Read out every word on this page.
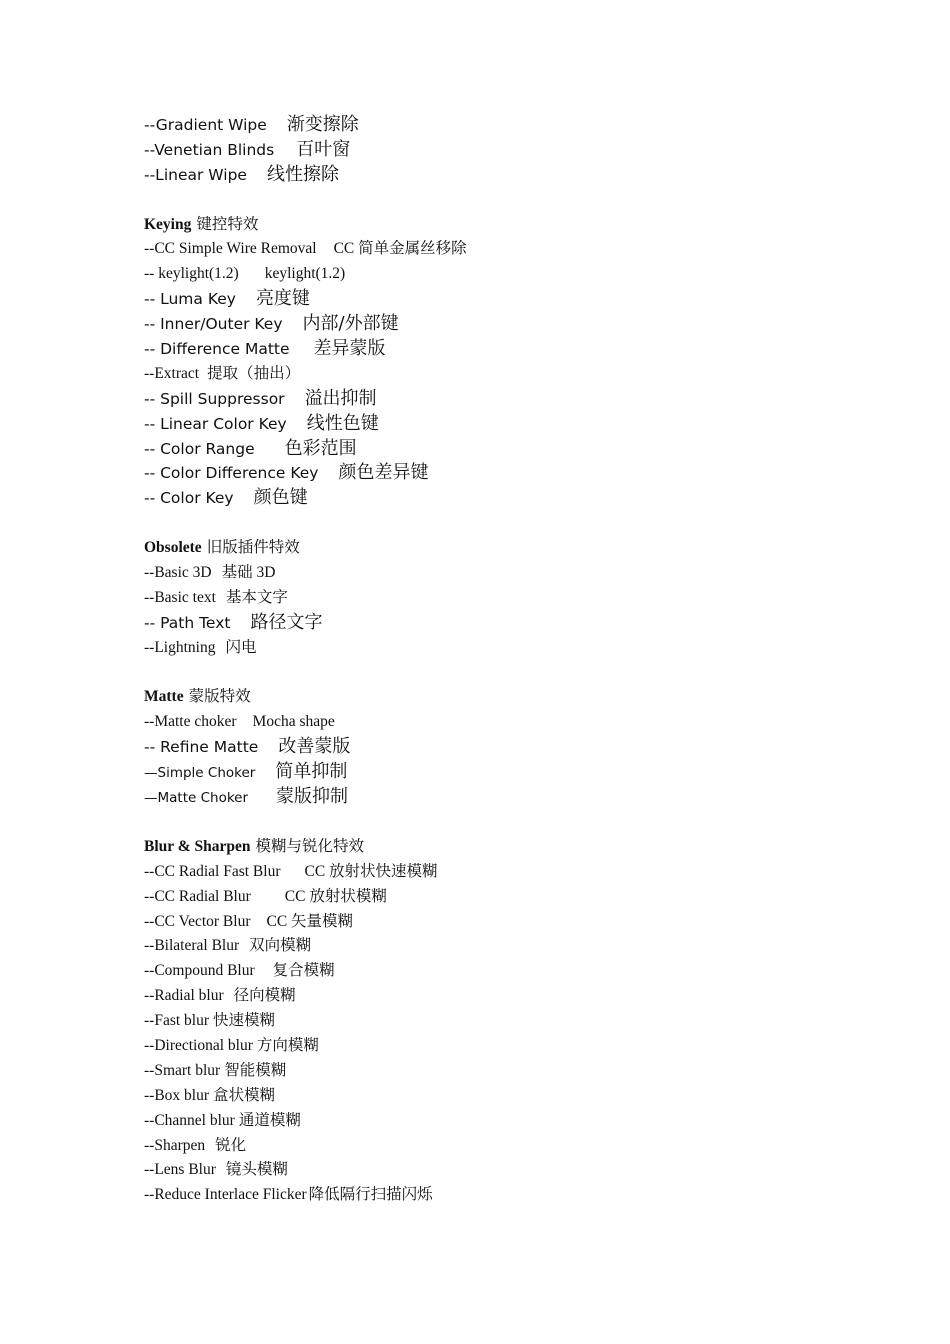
--Gradient Wipe 渐变擦除
--Venetian Blinds 百叶窗
--Linear Wipe 线性擦除
Keying 键控特效
--CC Simple Wire Removal CC 简单金属丝移除
-- keylight(1.2) keylight(1.2)
-- Luma Key 亮度键
-- Inner/Outer Key 内部/外部键
-- Difference Matte 差异蒙版
--Extract 提取（抽出）
-- Spill Suppressor 溢出抑制
-- Linear Color Key 线性色键
-- Color Range 色彩范围
-- Color Difference Key 颜色差异键
-- Color Key 颜色键
Obsolete 旧版插件特效
--Basic 3D 基础 3D
--Basic text 基本文字
-- Path Text 路径文字
--Lightning 闪电
Matte 蒙版特效
--Matte choker Mocha shape
-- Refine Matte 改善蒙版
—Simple Choker 简单抑制
—Matte Choker 蒙版抑制
Blur & Sharpen 模糊与锐化特效
--CC Radial Fast Blur CC 放射状快速模糊
--CC Radial Blur CC 放射状模糊
--CC Vector Blur CC 矢量模糊
--Bilateral Blur 双向模糊
--Compound Blur 复合模糊
--Radial blur 径向模糊
--Fast blur 快速模糊
--Directional blur 方向模糊
--Smart blur 智能模糊
--Box blur 盒状模糊
--Channel blur 通道模糊
--Sharpen 锐化
--Lens Blur 镜头模糊
--Reduce Interlace Flicker 降低隔行扫描闪烁
